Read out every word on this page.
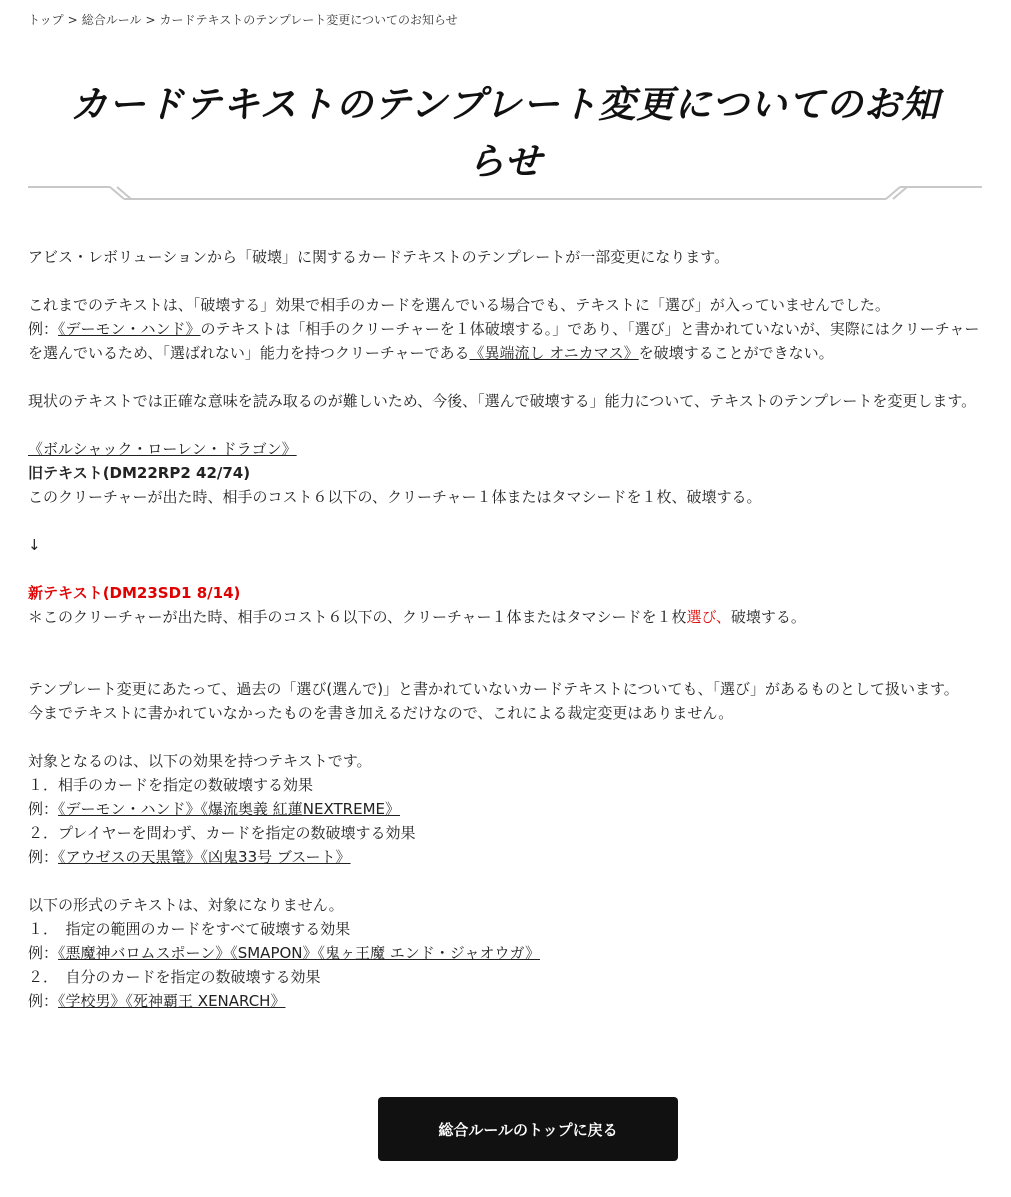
トップ > 総合ルール > カードテキストのテンプレート変更についてのお知らせ
カードテキストのテンプレート変更についてのお知
らせ

アビス・レボリューションから「破壊」に関するカードテキストのテンプレートが一部変更になります。

これまでのテキストは、「破壊する」効果で相手のカードを選んでいる場合でも、テキストに「選び」が入っていませんでした。

例：《デーモン・ハンド》のテキストは「相手のクリーチャーを１体破壊する。」であり、「選び」と書かれていないが、実際にはクリーチャーを選んでいるため、「選ばれない」能力を持つクリーチャーである《異端流し オニカマス》を破壊することができない。

現状のテキストでは正確な意味を読み取るのが難しいため、今後、「選んで破壊する」能力について、テキストのテンプレートを変更します。

《ボルシャック・ローレン・ドラゴン》

旧テキスト(DM22RP2 42/74)

このクリーチャーが出た時、相手のコスト６以下の、クリーチャー１体またはタマシードを１枚、破壊する。

↓

新テキスト(DM23SD1 8/14)

＊このクリーチャーが出た時、相手のコスト６以下の、クリーチャー１体またはタマシードを１枚選び、破壊する。

テンプレート変更にあたって、過去の「選び(選んで)」と書かれていないカードテキストについても、「選び」があるものとして扱います。

今までテキストに書かれていなかったものを書き加えるだけなので、これによる裁定変更はありません。

対象となるのは、以下の効果を持つテキストです。

１．相手のカードを指定の数破壊する効果

例：《デーモン・ハンド》《爆流奥義 紅蓮NEXTREME》

２．プレイヤーを問わず、カードを指定の数破壊する効果

例：《アウゼスの天黒篭》《凶鬼33号 ブスート》

以下の形式のテキストは、対象になりません。

１．　指定の範囲のカードをすべて破壊する効果

例：《悪魔神バロムスポーン》《SMAPON》《鬼ヶ王魔 エンド・ジャオウガ》

２．　自分のカードを指定の数破壊する効果

例：《学校男》《死神覇王 XENARCH》

総合ルールのトップに戻る
